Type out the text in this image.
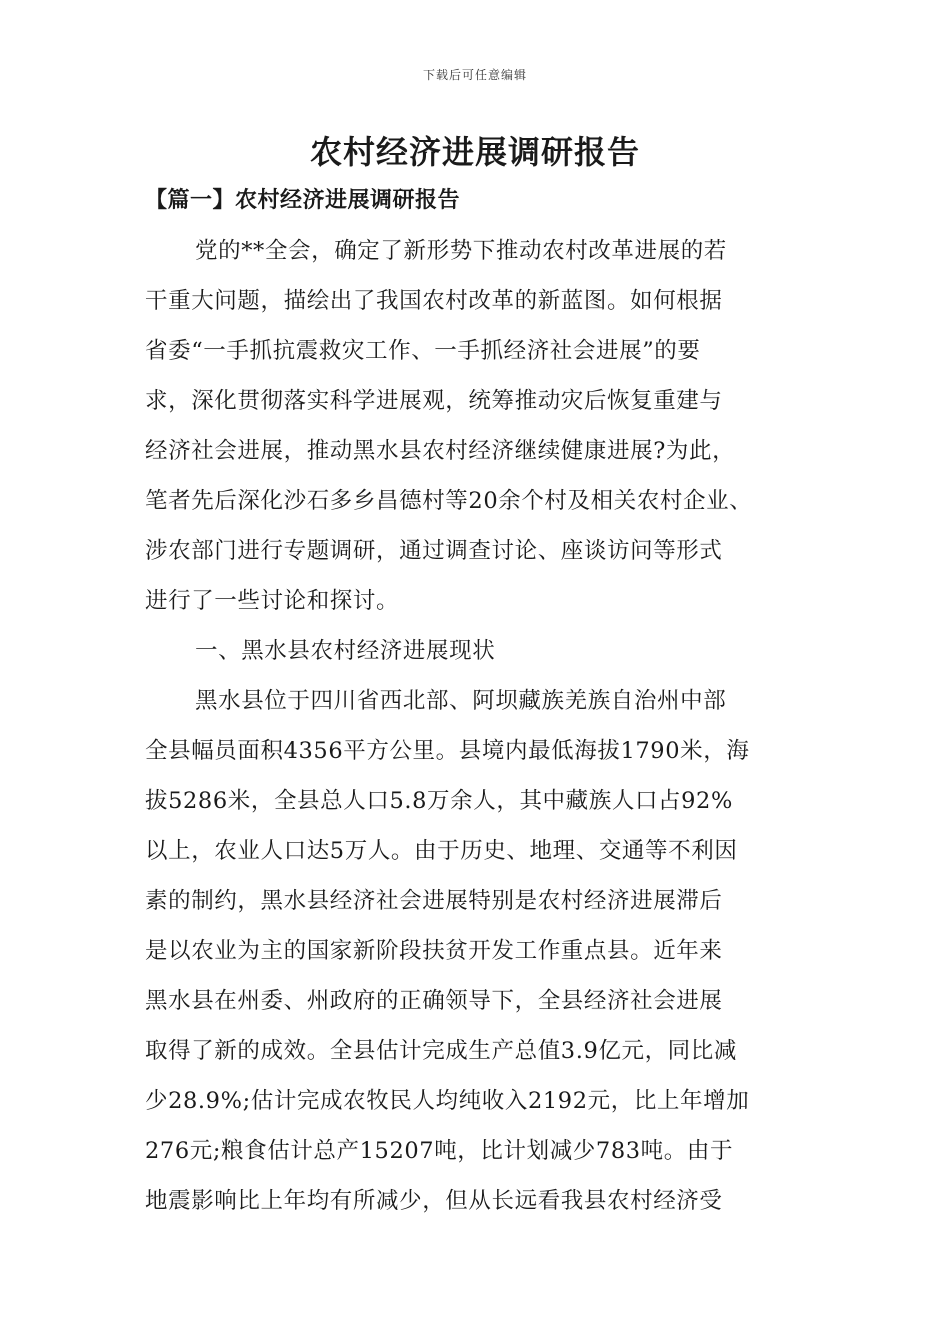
下载后可任意编辑
农村经济进展调研报告
【篇一】农村经济进展调研报告
党的**全会，确定了新形势下推动农村改革进展的若
干重大问题，描绘出了我国农村改革的新蓝图。如何根据
省委“一手抓抗震救灾工作、一手抓经济社会进展”的要
求，深化贯彻落实科学进展观，统筹推动灾后恢复重建与
经济社会进展，推动黑水县农村经济继续健康进展?为此，
笔者先后深化沙石多乡昌德村等20余个村及相关农村企业、
涉农部门进行专题调研，通过调查讨论、座谈访问等形式
进行了一些讨论和探讨。
一、黑水县农村经济进展现状
黑水县位于四川省西北部、阿坝藏族羌族自治州中部
全县幅员面积4356平方公里。县境内最低海拔1790米，海
拔5286米，全县总人口5.8万余人，其中藏族人口占92%
以上，农业人口达5万人。由于历史、地理、交通等不利因
素的制约，黑水县经济社会进展特别是农村经济进展滞后
是以农业为主的国家新阶段扶贫开发工作重点县。近年来
黑水县在州委、州政府的正确领导下，全县经济社会进展
取得了新的成效。全县估计完成生产总值3.9亿元，同比减
少28.9%;估计完成农牧民人均纯收入2192元，比上年增加
276元;粮食估计总产15207吨，比计划减少783吨。由于
地震影响比上年均有所减少，但从长远看我县农村经济受
